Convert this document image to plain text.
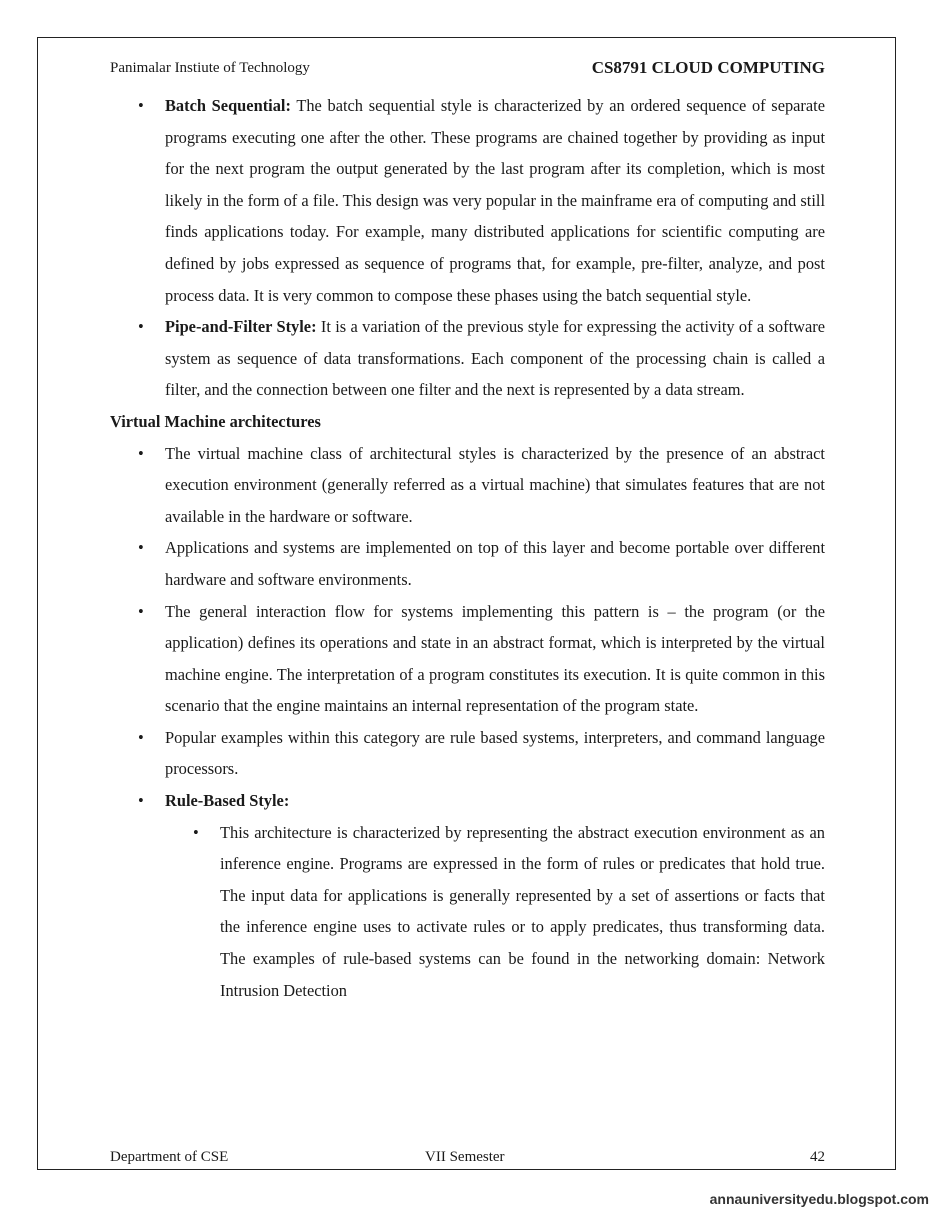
Panimalar Instiute of Technology	CS8791 CLOUD COMPUTING
• Batch Sequential: The batch sequential style is characterized by an ordered sequence of separate programs executing one after the other. These programs are chained together by providing as input for the next program the output generated by the last program after its completion, which is most likely in the form of a file. This design was very popular in the mainframe era of computing and still finds applications today. For example, many distributed applications for scientific computing are defined by jobs expressed as sequence of programs that, for example, pre-filter, analyze, and post process data. It is very common to compose these phases using the batch sequential style.
• Pipe-and-Filter Style: It is a variation of the previous style for expressing the activity of a software system as sequence of data transformations. Each component of the processing chain is called a filter, and the connection between one filter and the next is represented by a data stream.
Virtual Machine architectures
• The virtual machine class of architectural styles is characterized by the presence of an abstract execution environment (generally referred as a virtual machine) that simulates features that are not available in the hardware or software.
• Applications and systems are implemented on top of this layer and become portable over different hardware and software environments.
• The general interaction flow for systems implementing this pattern is – the program (or the application) defines its operations and state in an abstract format, which is interpreted by the virtual machine engine. The interpretation of a program constitutes its execution. It is quite common in this scenario that the engine maintains an internal representation of the program state.
• Popular examples within this category are rule based systems, interpreters, and command language processors.
• Rule-Based Style:
• This architecture is characterized by representing the abstract execution environment as an inference engine. Programs are expressed in the form of rules or predicates that hold true. The input data for applications is generally represented by a set of assertions or facts that the inference engine uses to activate rules or to apply predicates, thus transforming data. The examples of rule-based systems can be found in the networking domain: Network Intrusion Detection
Department of CSE	VII Semester	42
annauniversityedu.blogspot.com
